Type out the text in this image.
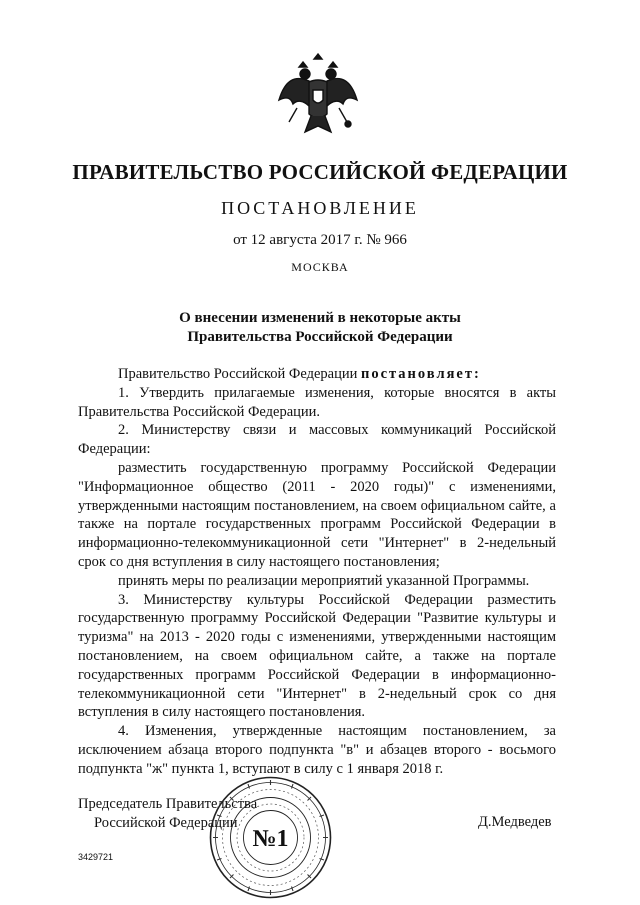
ПРАВИТЕЛЬСТВО РОССИЙСКОЙ ФЕДЕРАЦИИ
ПОСТАНОВЛЕНИЕ
от 12 августа 2017 г. № 966
МОСКВА
О внесении изменений в некоторые акты
Правительства Российской Федерации

Правительство Российской Федерации постановляет:

1. Утвердить прилагаемые изменения, которые вносятся в акты Правительства Российской Федерации.

2. Министерству связи и массовых коммуникаций Российской Федерации:

разместить государственную программу Российской Федерации "Информационное общество (2011 - 2020 годы)" с изменениями, утвержденными настоящим постановлением, на своем официальном сайте, а также на портале государственных программ Российской Федерации в информационно-телекоммуникационной сети "Интернет" в 2-недельный срок со дня вступления в силу настоящего постановления;

принять меры по реализации мероприятий указанной Программы.

3. Министерству культуры Российской Федерации разместить государственную программу Российской Федерации "Развитие культуры и туризма" на 2013 - 2020 годы с изменениями, утвержденными настоящим постановлением, на своем официальном сайте, а также на портале государственных программ Российской Федерации в информационно-телекоммуникационной сети "Интернет" в 2-недельный срок со дня вступления в силу настоящего постановления.

4. Изменения, утвержденные настоящим постановлением, за исключением абзаца второго подпункта "в" и абзацев второго - восьмого подпункта "ж" пункта 1, вступают в силу с 1 января 2018 г.

Председатель Правительства
Российской Федерации	Д.Медведев
3429721
№1
